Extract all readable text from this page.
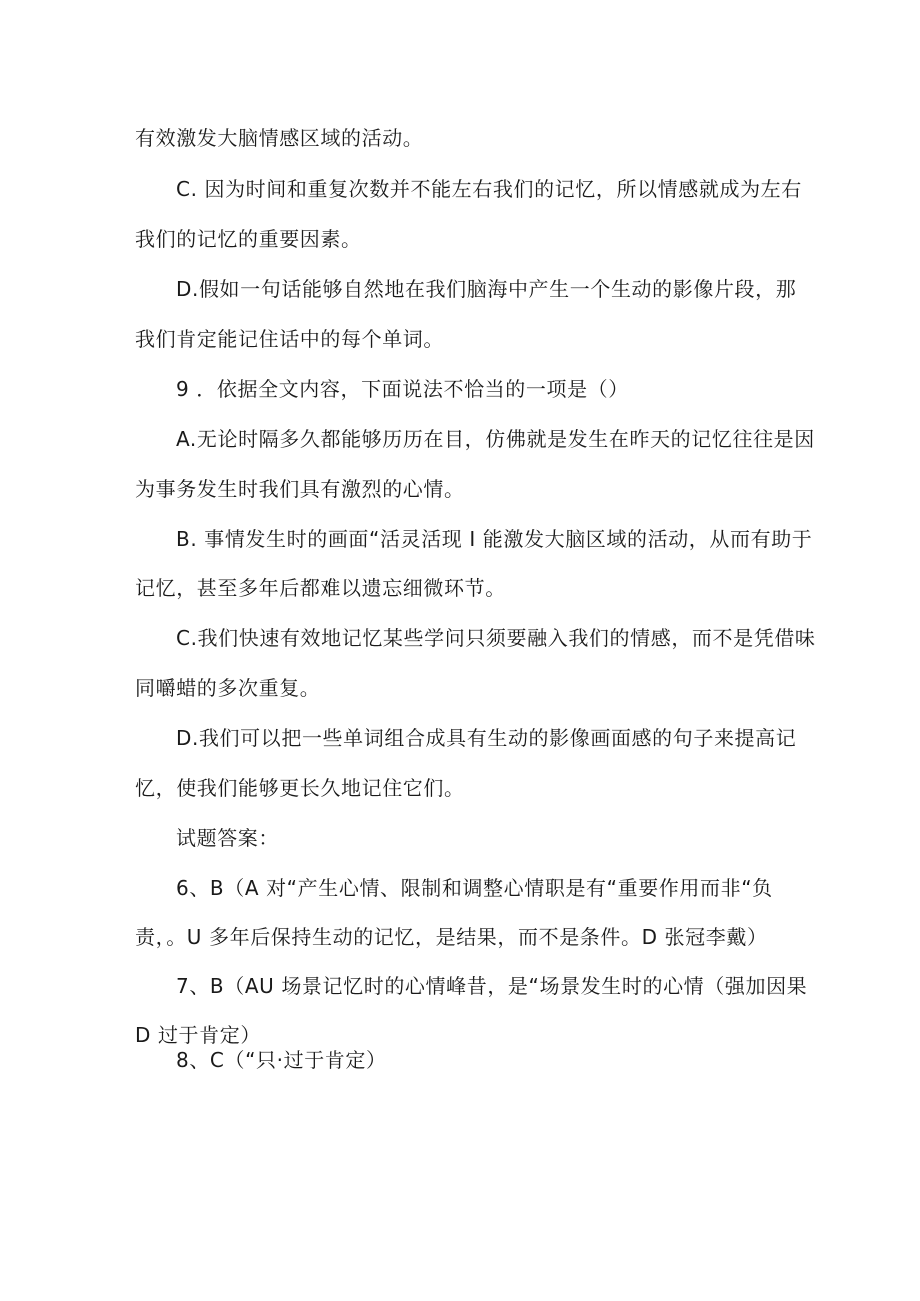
有效激发大脑情感区域的活动。
C. 因为时间和重复次数并不能左右我们的记忆，所以情感就成为左右
我们的记忆的重要因素。
D.假如一句话能够自然地在我们脑海中产生一个生动的影像片段，那
我们肯定能记住话中的每个单词。
9 ．依据全文内容，下面说法不恰当的一项是（）
A.无论时隔多久都能够历历在目，仿佛就是发生在昨天的记忆往往是因
为事务发生时我们具有激烈的心情。
B. 事情发生时的画面“活灵活现 I 能激发大脑区域的活动，从而有助于
记忆，甚至多年后都难以遗忘细微环节。
C.我们快速有效地记忆某些学问只须要融入我们的情感，而不是凭借味
同嚼蜡的多次重复。
D.我们可以把一些单词组合成具有生动的影像画面感的句子来提高记
忆，使我们能够更长久地记住它们。
试题答案：
6、B（A 对“产生心情、限制和调整心情职是有“重要作用而非“负
责，。U 多年后保持生动的记忆，是结果，而不是条件。D 张冠李戴）
7、B（AU 场景记忆时的心情峰昔，是“场景发生时的心情（强加因果
D 过于肯定）
8、C（“只·过于肯定）
